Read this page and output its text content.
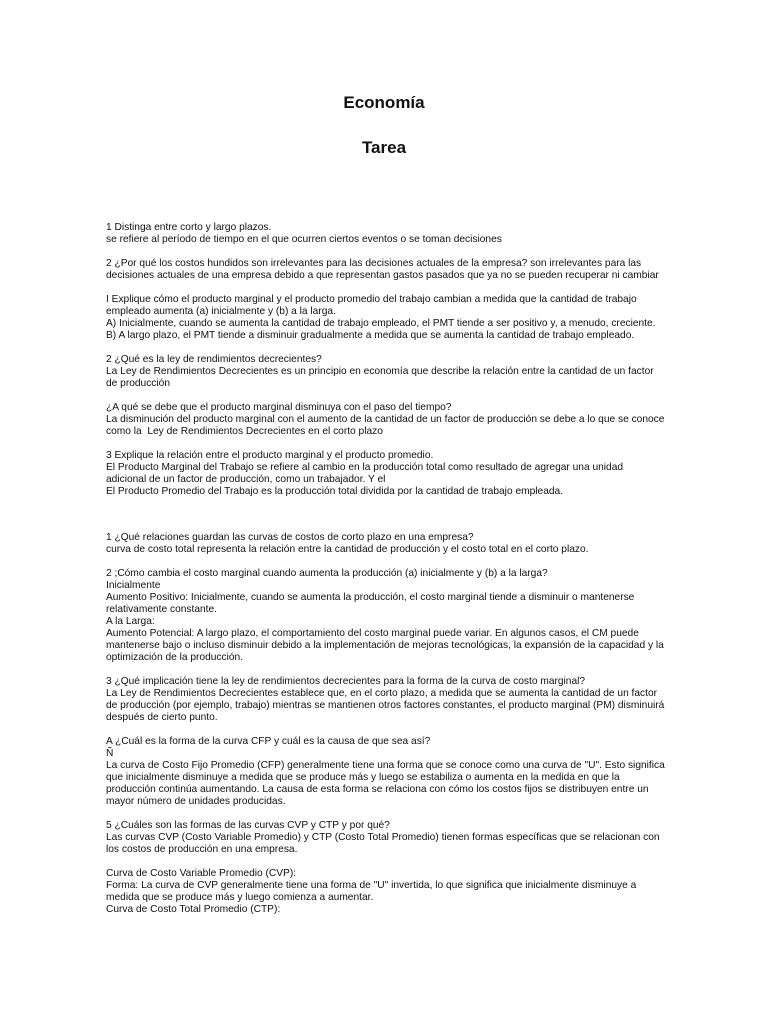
Economía
Tarea
1 Distinga entre corto y largo plazos.
se refiere al período de tiempo en el que ocurren ciertos eventos o se toman decisiones
2 ¿Por qué los costos hundidos son irrelevantes para las decisiones actuales de la empresa? son irrelevantes para las decisiones actuales de una empresa debido a que representan gastos pasados que ya no se pueden recuperar ni cambiar
I Explique cómo el producto marginal y el producto promedio del trabajo cambian a medida que la cantidad de trabajo empleado aumenta (a) inicialmente y (b) a la larga.
A) Inicialmente, cuando se aumenta la cantidad de trabajo empleado, el PMT tiende a ser positivo y, a menudo, creciente.
B) A largo plazo, el PMT tiende a disminuir gradualmente a medida que se aumenta la cantidad de trabajo empleado.
2 ¿Qué es la ley de rendimientos decrecientes?
La Ley de Rendimientos Decrecientes es un principio en economía que describe la relación entre la cantidad de un factor de producción
¿A qué se debe que el producto marginal disminuya con el paso del tiempo?
La disminución del producto marginal con el aumento de la cantidad de un factor de producción se debe a lo que se conoce como la  Ley de Rendimientos Decrecientes en el corto plazo
3 Explique la relación entre el producto marginal y el producto promedio.
El Producto Marginal del Trabajo se refiere al cambio en la producción total como resultado de agregar una unidad adicional de un factor de producción, como un trabajador. Y el
El Producto Promedio del Trabajo es la producción total dividida por la cantidad de trabajo empleada.
1 ¿Qué relaciones guardan las curvas de costos de corto plazo en una empresa?
curva de costo total representa la relación entre la cantidad de producción y el costo total en el corto plazo.
2 ;Cómo cambia el costo marginal cuando aumenta la producción (a) inicialmente y (b) a la larga?
Inicialmente
Aumento Positivo: Inicialmente, cuando se aumenta la producción, el costo marginal tiende a disminuir o mantenerse relativamente constante.
A la Larga:
Aumento Potencial: A largo plazo, el comportamiento del costo marginal puede variar. En algunos casos, el CM puede mantenerse bajo o incluso disminuir debido a la implementación de mejoras tecnológicas, la expansión de la capacidad y la optimización de la producción.
3 ¿Qué implicación tiene la ley de rendimientos decrecientes para la forma de la curva de costo marginal?
La Ley de Rendimientos Decrecientes establece que, en el corto plazo, a medida que se aumenta la cantidad de un factor de producción (por ejemplo, trabajo) mientras se mantienen otros factores constantes, el producto marginal (PM) disminuirá después de cierto punto.
A ¿Cuál es la forma de la curva CFP y cuál es la causa de que sea así?
Ñ
La curva de Costo Fijo Promedio (CFP) generalmente tiene una forma que se conoce como una curva de "U". Esto significa que inicialmente disminuye a medida que se produce más y luego se estabiliza o aumenta en la medida en que la producción continúa aumentando. La causa de esta forma se relaciona con cómo los costos fijos se distribuyen entre un mayor número de unidades producidas.
5 ¿Cuáles son las formas de las curvas CVP y CTP y por qué?
Las curvas CVP (Costo Variable Promedio) y CTP (Costo Total Promedio) tienen formas específicas que se relacionan con los costos de producción en una empresa.
Curva de Costo Variable Promedio (CVP):
Forma: La curva de CVP generalmente tiene una forma de "U" invertida, lo que significa que inicialmente disminuye a medida que se produce más y luego comienza a aumentar.
Curva de Costo Total Promedio (CTP):
